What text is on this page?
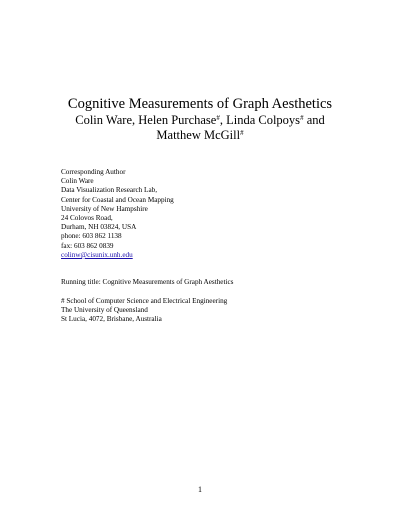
Cognitive Measurements of Graph Aesthetics
Colin Ware, Helen Purchase#, Linda Colpoys# and
Matthew McGill#
Corresponding Author
Colin Ware
Data Visualization Research Lab,
Center for Coastal and Ocean Mapping
University of New Hampshire
24 Colovos Road,
Durham, NH 03824, USA
phone: 603 862 1138
fax: 603 862 0839
colinw@cisunix.unh.edu
Running title: Cognitive Measurements of Graph Aesthetics
# School of Computer Science and Electrical Engineering
The University of Queensland
St Lucia, 4072, Brisbane, Australia
1
